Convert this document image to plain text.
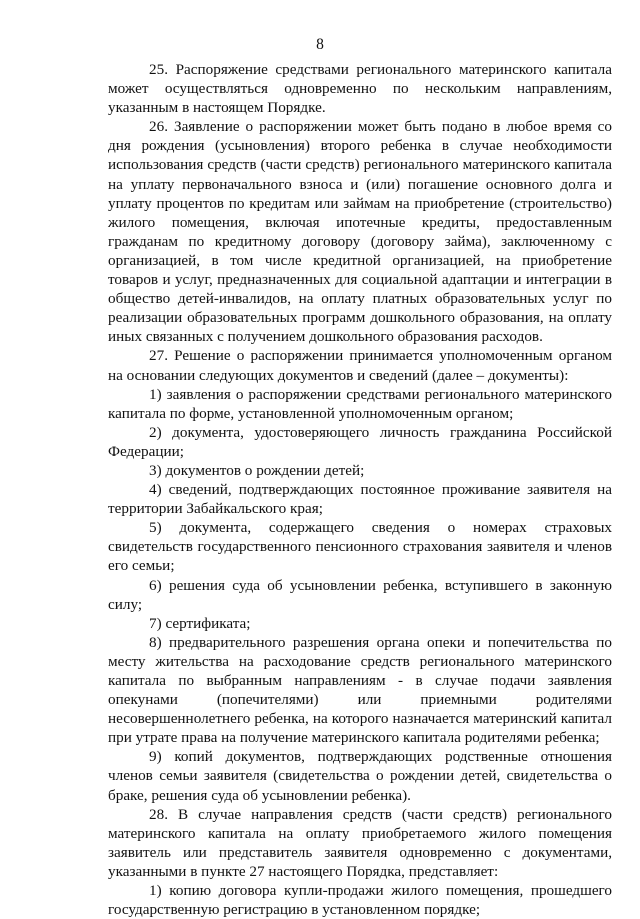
8

25. Распоряжение средствами регионального материнского капитала может осуществляться одновременно по нескольким направлениям, указанным в настоящем Порядке.

26. Заявление о распоряжении может быть подано в любое время со дня рождения (усыновления) второго ребенка в случае необходимости использования средств (части средств) регионального материнского капитала на уплату первоначального взноса и (или) погашение основного долга и уплату процентов по кредитам или займам на приобретение (строительство) жилого помещения, включая ипотечные кредиты, предоставленным гражданам по кредитному договору (договору займа), заключенному с организацией, в том числе кредитной организацией, на приобретение товаров и услуг, предназначенных для социальной адаптации и интеграции в общество детей-инвалидов, на оплату платных образовательных услуг по реализации образовательных программ дошкольного образования, на оплату иных связанных с получением дошкольного образования расходов.

27. Решение о распоряжении принимается уполномоченным органом на основании следующих документов и сведений (далее – документы):

1) заявления о распоряжении средствами регионального материнского капитала по форме, установленной уполномоченным органом;

2) документа, удостоверяющего личность гражданина Российской Федерации;

3) документов о рождении детей;

4) сведений, подтверждающих постоянное проживание заявителя на территории Забайкальского края;

5) документа, содержащего сведения о номерах страховых свидетельств государственного пенсионного страхования заявителя и членов его семьи;

6) решения суда об усыновлении ребенка, вступившего в законную силу;

7) сертификата;

8) предварительного разрешения органа опеки и попечительства по месту жительства на расходование средств регионального материнского капитала по выбранным направлениям - в случае подачи заявления опекунами (попечителями) или приемными родителями несовершеннолетнего ребенка, на которого назначается материнский капитал при утрате права на получение материнского капитала родителями ребенка;

9) копий документов, подтверждающих родственные отношения членов семьи заявителя (свидетельства о рождении детей, свидетельства о браке, решения суда об усыновлении ребенка).

28. В случае направления средств (части средств) регионального материнского капитала на оплату приобретаемого жилого помещения заявитель или представитель заявителя одновременно с документами, указанными в пункте 27 настоящего Порядка, представляет:

1) копию договора купли-продажи жилого помещения, прошедшего государственную регистрацию в установленном порядке;
